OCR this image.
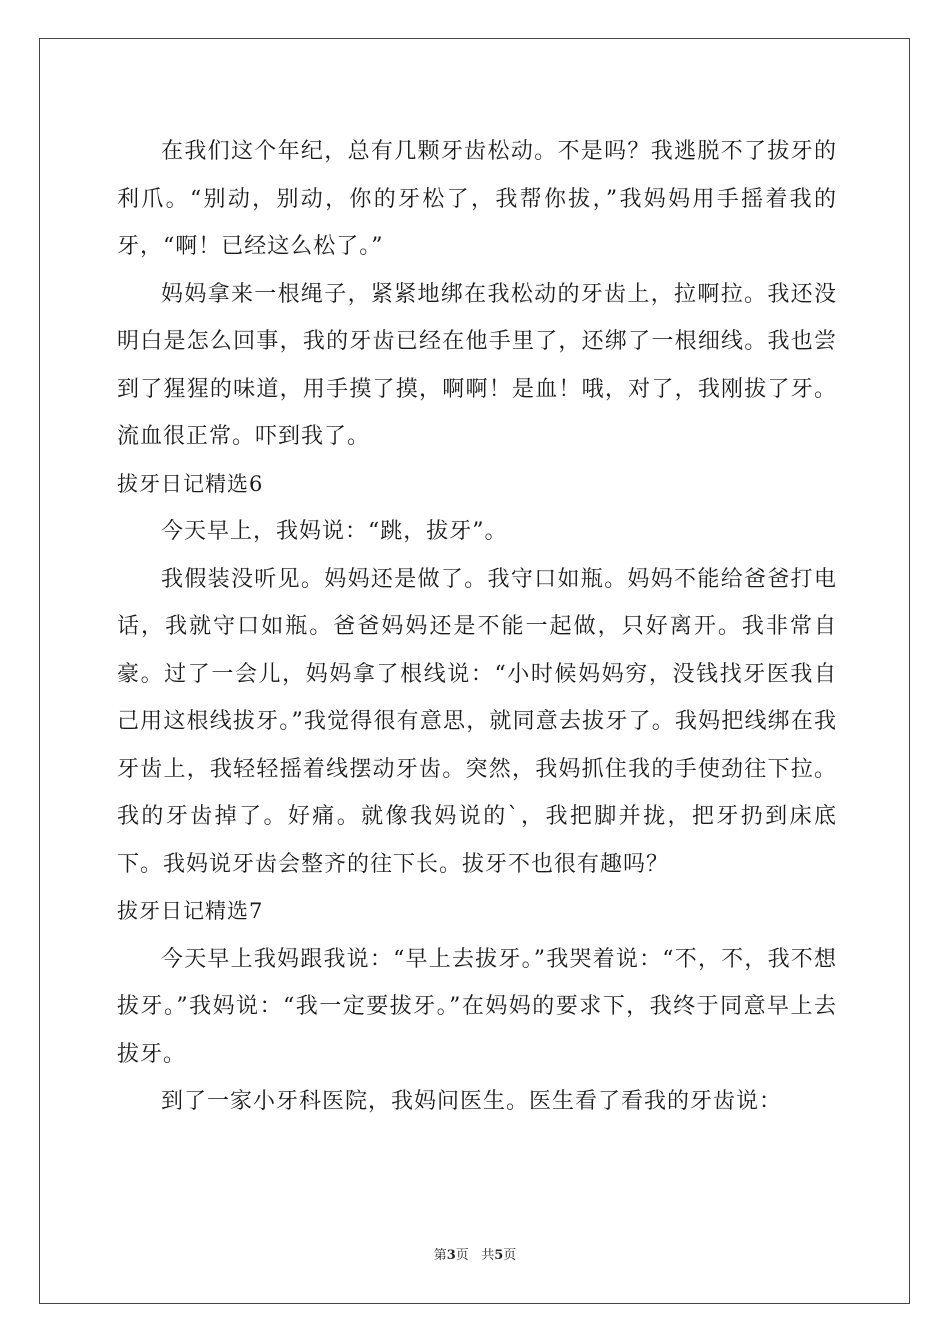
在我们这个年纪，总有几颗牙齿松动。不是吗？我逃脱不了拔牙的利爪。“别动，别动，你的牙松了，我帮你拔，”我妈妈用手摇着我的牙，“啊！已经这么松了。”

妈妈拿来一根绳子，紧紧地绑在我松动的牙齿上，拉啊拉。我还没明白是怎么回事，我的牙齿已经在他手里了，还绑了一根细线。我也尝到了猩猩的味道，用手摸了摸，啊啊！是血！哦，对了，我刚拔了牙。流血很正常。吓到我了。

拔牙日记精选6

今天早上，我妈说：“跳，拔牙”。

我假装没听见。妈妈还是做了。我守口如瓶。妈妈不能给爸爸打电话，我就守口如瓶。爸爸妈妈还是不能一起做，只好离开。我非常自豪。过了一会儿，妈妈拿了根线说：“小时候妈妈穷，没钱找牙医我自己用这根线拔牙。”我觉得很有意思，就同意去拔牙了。我妈把线绑在我牙齿上，我轻轻摇着线摆动牙齿。突然，我妈抓住我的手使劲往下拉。我的牙齿掉了。好痛。就像我妈说的`，我把脚并拢，把牙扔到床底下。我妈说牙齿会整齐的往下长。拔牙不也很有趣吗？

拔牙日记精选7

今天早上我妈跟我说：“早上去拔牙。”我哭着说：“不，不，我不想拔牙。”我妈说：“我一定要拔牙。”在妈妈的要求下，我终于同意早上去拔牙。

到了一家小牙科医院，我妈问医生。医生看了看我的牙齿说：

第3页 共5页
